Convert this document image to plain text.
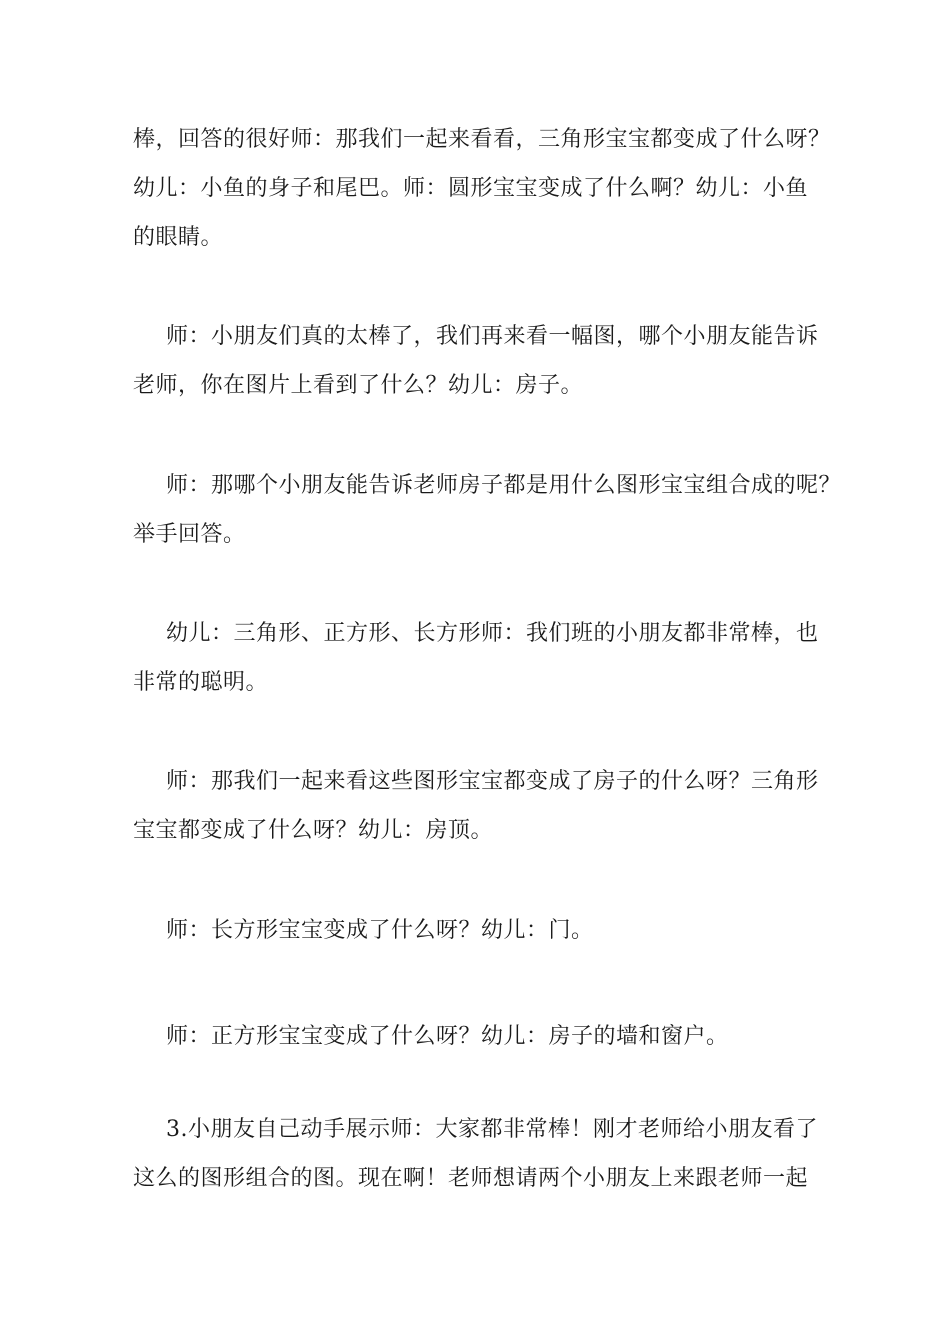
棒，回答的很好师：那我们一起来看看，三角形宝宝都变成了什么呀？
幼儿：小鱼的身子和尾巴。师：圆形宝宝变成了什么啊？幼儿：小鱼
的眼睛。
师：小朋友们真的太棒了，我们再来看一幅图，哪个小朋友能告诉
老师，你在图片上看到了什么？幼儿：房子。
师：那哪个小朋友能告诉老师房子都是用什么图形宝宝组合成的呢？
举手回答。
幼儿：三角形、正方形、长方形师：我们班的小朋友都非常棒，也
非常的聪明。
师：那我们一起来看这些图形宝宝都变成了房子的什么呀？三角形
宝宝都变成了什么呀？幼儿：房顶。
师：长方形宝宝变成了什么呀？幼儿：门。
师：正方形宝宝变成了什么呀？幼儿：房子的墙和窗户。
3.小朋友自己动手展示师：大家都非常棒！刚才老师给小朋友看了
这么的图形组合的图。现在啊！老师想请两个小朋友上来跟老师一起
